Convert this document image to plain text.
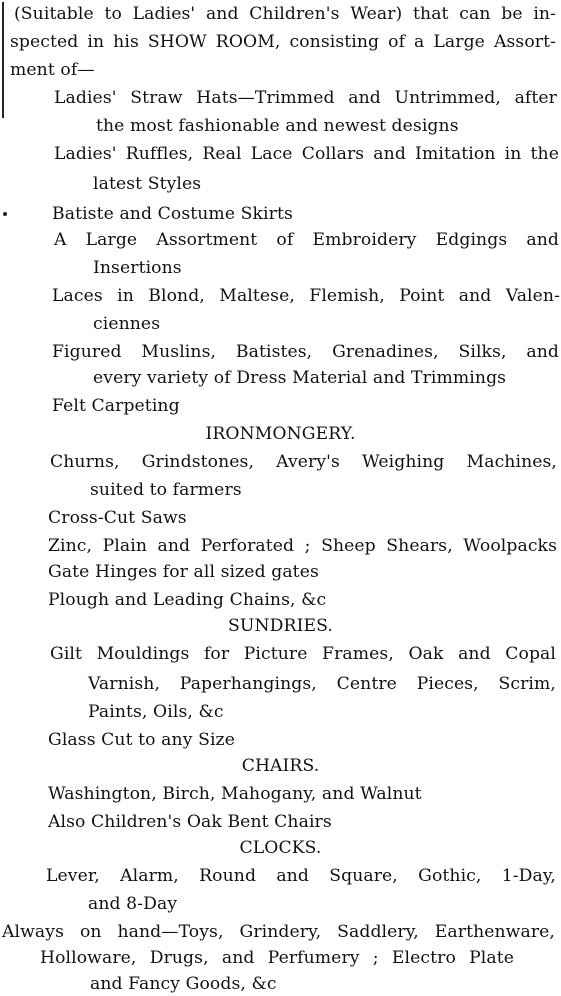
(Suitable to Ladies' and Children's Wear) that can be in-
spected in his SHOW ROOM, consisting of a Large Assort-
ment of—
Ladies' Straw Hats—Trimmed and Untrimmed, after
the most fashionable and newest designs
Ladies' Ruffles, Real Lace Collars and Imitation in the
latest Styles
Batiste and Costume Skirts
A Large Assortment of Embroidery Edgings and
Insertions
Laces in Blond, Maltese, Flemish, Point and Valen-
ciennes
Figured Muslins, Batistes, Grenadines, Silks, and
every variety of Dress Material and Trimmings
Felt Carpeting
IRONMONGERY.
Churns, Grindstones, Avery's Weighing Machines,
suited to farmers
Cross-Cut Saws
Zinc, Plain and Perforated ; Sheep Shears, Woolpacks
Gate Hinges for all sized gates
Plough and Leading Chains, &c
SUNDRIES.
Gilt Mouldings for Picture Frames, Oak and Copal
Varnish, Paperhangings, Centre Pieces, Scrim,
Paints, Oils, &c
Glass Cut to any Size
CHAIRS.
Washington, Birch, Mahogany, and Walnut
Also Children's Oak Bent Chairs
CLOCKS.
Lever, Alarm, Round and Square, Gothic, 1-Day,
and 8-Day
Always on hand—Toys, Grindery, Saddlery, Earthenware,
Holloware, Drugs, and Perfumery ; Electro Plate
and Fancy Goods, &c
